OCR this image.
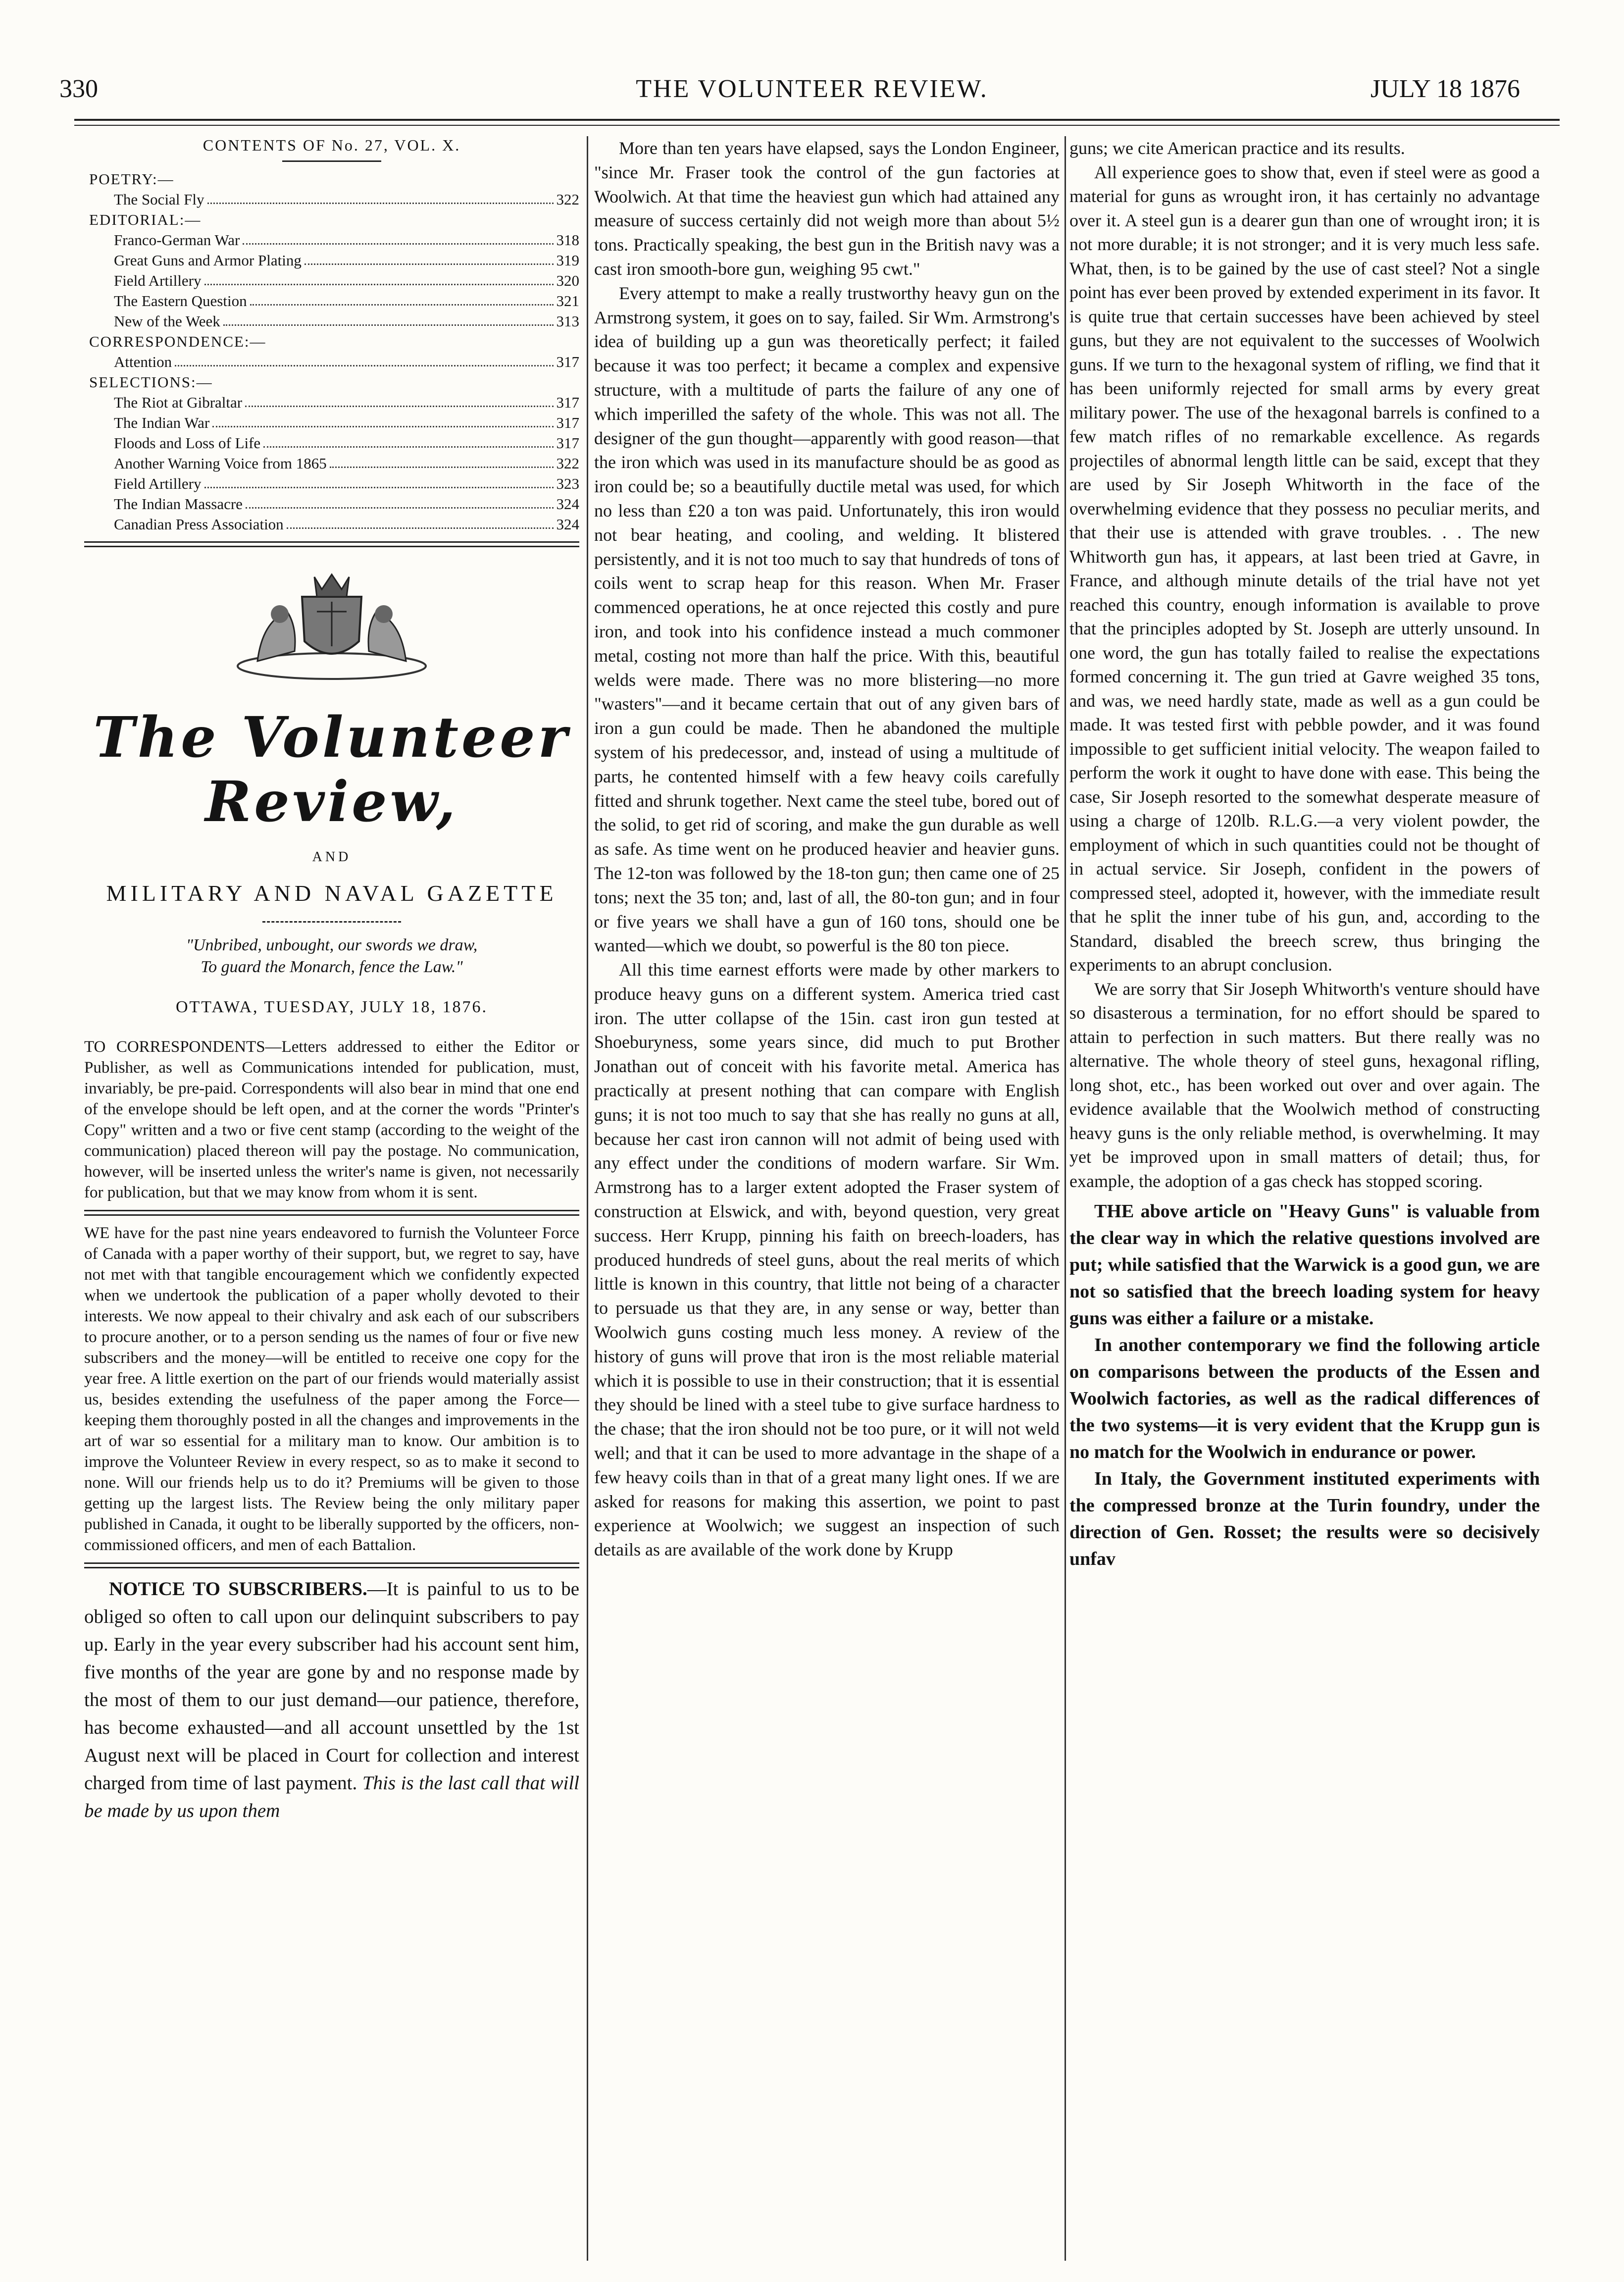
330	THE VOLUNTEER REVIEW.	JULY 18 1876
CONTENTS OF No. 27, VOL. X.
POETRY:—
The Social Fly	322
EDITORIAL:—
Franco-German War	318
Great Guns and Armor Plating	319
Field Artillery	320
The Eastern Question	321
New of the Week	313
CORRESPONDENCE:—
Attention	317
SELECTIONS:—
The Riot at Gibraltar	317
The Indian War	317
Floods and Loss of Life	317
Another Warning Voice from 1865	322
Field Artillery	323
The Indian Massacre	324
Canadian Press Association	324
The Volunteer Review,
AND
MILITARY AND NAVAL GAZETTE
"Unbribed, unbought, our swords we draw,
To guard the Monarch, fence the Law."
OTTAWA, TUESDAY, JULY 18, 1876.

TO CORRESPONDENTS—Letters addressed to either the Editor or Publisher, as well as Communications intended for publication, must, invariably, be pre-paid. Correspondents will also bear in mind that one end of the envelope should be left open, and at the corner the words "Printer's Copy" written and a two or five cent stamp (according to the weight of the communication) placed thereon will pay the postage. No communication, however, will be inserted unless the writer's name is given, not necessarily for publication, but that we may know from whom it is sent.

WE have for the past nine years endeavored to furnish the Volunteer Force of Canada with a paper worthy of their support, but, we regret to say, have not met with that tangible encouragement which we confidently expected when we undertook the publication of a paper wholly devoted to their interests. We now appeal to their chivalry and ask each of our subscribers to procure another, or to a person sending us the names of four or five new subscribers and the money—will be entitled to receive one copy for the year free. A little exertion on the part of our friends would materially assist us, besides extending the usefulness of the paper among the Force—keeping them thoroughly posted in all the changes and improvements in the art of war so essential for a military man to know. Our ambition is to improve the Volunteer Review in every respect, so as to make it second to none. Will our friends help us to do it? Premiums will be given to those getting up the largest lists. The Review being the only military paper published in Canada, it ought to be liberally supported by the officers, non-commissioned officers, and men of each Battalion.

NOTICE TO SUBSCRIBERS.—It is painful to us to be obliged so often to call upon our delinquint subscribers to pay up. Early in the year every subscriber had his account sent him, five months of the year are gone by and no response made by the most of them to our just demand—our patience, therefore, has become exhausted—and all account unsettled by the 1st August next will be placed in Court for collection and interest charged from time of last payment. This is the last call that will be made by us upon them

More than ten years have elapsed, says the London Engineer, "since Mr. Fraser took the control of the gun factories at Woolwich. At that time the heaviest gun which had attained any measure of success certainly did not weigh more than about 5½ tons. Practically speaking, the best gun in the British navy was a cast iron smooth-bore gun, weighing 95 cwt."

Every attempt to make a really trustworthy heavy gun on the Armstrong system, it goes on to say, failed. Sir Wm. Armstrong's idea of building up a gun was theoretically perfect; it failed because it was too perfect; it became a complex and expensive structure, with a multitude of parts the failure of any one of which imperilled the safety of the whole. This was not all. The designer of the gun thought—apparently with good reason—that the iron which was used in its manufacture should be as good as iron could be; so a beautifully ductile metal was used, for which no less than £20 a ton was paid. Unfortunately, this iron would not bear heating, and cooling, and welding. It blistered persistently, and it is not too much to say that hundreds of tons of coils went to scrap heap for this reason. When Mr. Fraser commenced operations, he at once rejected this costly and pure iron, and took into his confidence instead a much commoner metal, costing not more than half the price. With this, beautiful welds were made. There was no more blistering—no more "wasters"—and it became certain that out of any given bars of iron a gun could be made. Then he abandoned the multiple system of his predecessor, and, instead of using a multitude of parts, he contented himself with a few heavy coils carefully fitted and shrunk together. Next came the steel tube, bored out of the solid, to get rid of scoring, and make the gun durable as well as safe. As time went on he produced heavier and heavier guns. The 12-ton was followed by the 18-ton gun; then came one of 25 tons; next the 35 ton; and, last of all, the 80-ton gun; and in four or five years we shall have a gun of 160 tons, should one be wanted—which we doubt, so powerful is the 80 ton piece.

All this time earnest efforts were made by other markers to produce heavy guns on a different system. America tried cast iron. The utter collapse of the 15in. cast iron gun tested at Shoeburyness, some years since, did much to put Brother Jonathan out of conceit with his favorite metal. America has practically at present nothing that can compare with English guns; it is not too much to say that she has really no guns at all, because her cast iron cannon will not admit of being used with any effect under the conditions of modern warfare. Sir Wm. Armstrong has to a larger extent adopted the Fraser system of construction at Elswick, and with, beyond question, very great success. Herr Krupp, pinning his faith on breech-loaders, has produced hundreds of steel guns, about the real merits of which little is known in this country, that little not being of a character to persuade us that they are, in any sense or way, better than Woolwich guns costing much less money. A review of the history of guns will prove that iron is the most reliable material which it is possible to use in their construction; that it is essential they should be lined with a steel tube to give surface hardness to the chase; that the iron should not be too pure, or it will not weld well; and that it can be used to more advantage in the shape of a few heavy coils than in that of a great many light ones. If we are asked for reasons for making this assertion, we point to past experience at Woolwich; we suggest an inspection of such details as are available of the work done by Krupp

guns; we cite American practice and its results.

All experience goes to show that, even if steel were as good a material for guns as wrought iron, it has certainly no advantage over it. A steel gun is a dearer gun than one of wrought iron; it is not more durable; it is not stronger; and it is very much less safe. What, then, is to be gained by the use of cast steel? Not a single point has ever been proved by extended experiment in its favor. It is quite true that certain successes have been achieved by steel guns, but they are not equivalent to the successes of Woolwich guns. If we turn to the hexagonal system of rifling, we find that it has been uniformly rejected for small arms by every great military power. The use of the hexagonal barrels is confined to a few match rifles of no remarkable excellence. As regards projectiles of abnormal length little can be said, except that they are used by Sir Joseph Whitworth in the face of the overwhelming evidence that they possess no peculiar merits, and that their use is attended with grave troubles. . . The new Whitworth gun has, it appears, at last been tried at Gavre, in France, and although minute details of the trial have not yet reached this country, enough information is available to prove that the principles adopted by St. Joseph are utterly unsound. In one word, the gun has totally failed to realise the expectations formed concerning it. The gun tried at Gavre weighed 35 tons, and was, we need hardly state, made as well as a gun could be made. It was tested first with pebble powder, and it was found impossible to get sufficient initial velocity. The weapon failed to perform the work it ought to have done with ease. This being the case, Sir Joseph resorted to the somewhat desperate measure of using a charge of 120lb. R.L.G.—a very violent powder, the employment of which in such quantities could not be thought of in actual service. Sir Joseph, confident in the powers of compressed steel, adopted it, however, with the immediate result that he split the inner tube of his gun, and, according to the Standard, disabled the breech screw, thus bringing the experiments to an abrupt conclusion.

We are sorry that Sir Joseph Whitworth's venture should have so disasterous a termination, for no effort should be spared to attain to perfection in such matters. But there really was no alternative. The whole theory of steel guns, hexagonal rifling, long shot, etc., has been worked out over and over again. The evidence available that the Woolwich method of constructing heavy guns is the only reliable method, is overwhelming. It may yet be improved upon in small matters of detail; thus, for example, the adoption of a gas check has stopped scoring.

THE above article on "Heavy Guns" is valuable from the clear way in which the relative questions involved are put; while satisfied that the Warwick is a good gun, we are not so satisfied that the breech loading system for heavy guns was either a failure or a mistake.

In another contemporary we find the following article on comparisons between the products of the Essen and Woolwich factories, as well as the radical differences of the two systems—it is very evident that the Krupp gun is no match for the Woolwich in endurance or power.

In Italy, the Government instituted experiments with the compressed bronze at the Turin foundry, under the direction of Gen. Rosset; the results were so decisively unfav
